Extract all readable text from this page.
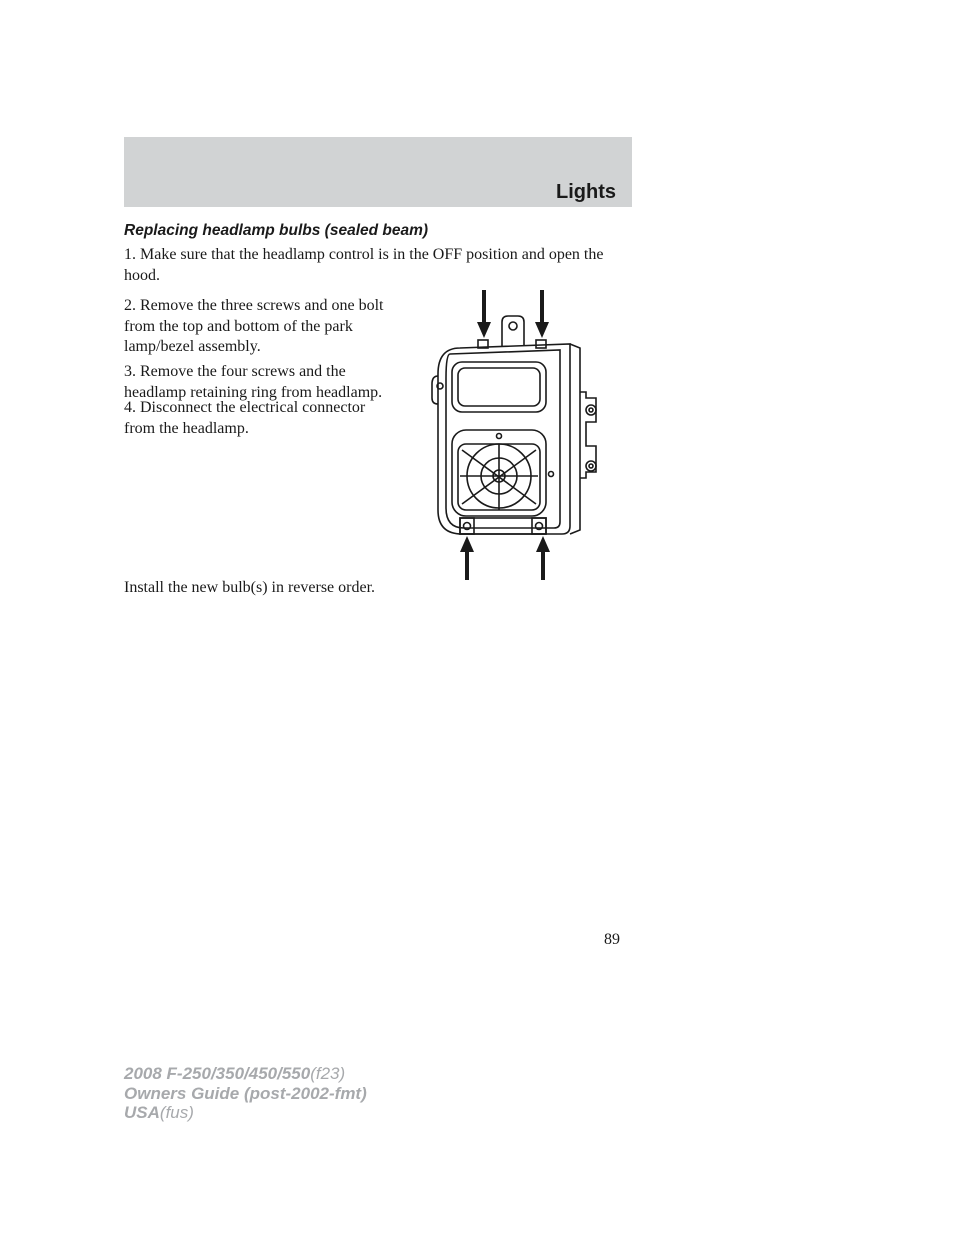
Lights
Replacing headlamp bulbs (sealed beam)

1. Make sure that the headlamp control is in the OFF position and open the hood.

2. Remove the three screws and one bolt from the top and bottom of the park lamp/bezel assembly.

3. Remove the four screws and the headlamp retaining ring from headlamp.

4. Disconnect the electrical connector from the headlamp.

Install the new bulb(s) in reverse order.

89
2008 F-250/350/450/550(f23)
Owners Guide (post-2002-fmt)
USA(fus)
